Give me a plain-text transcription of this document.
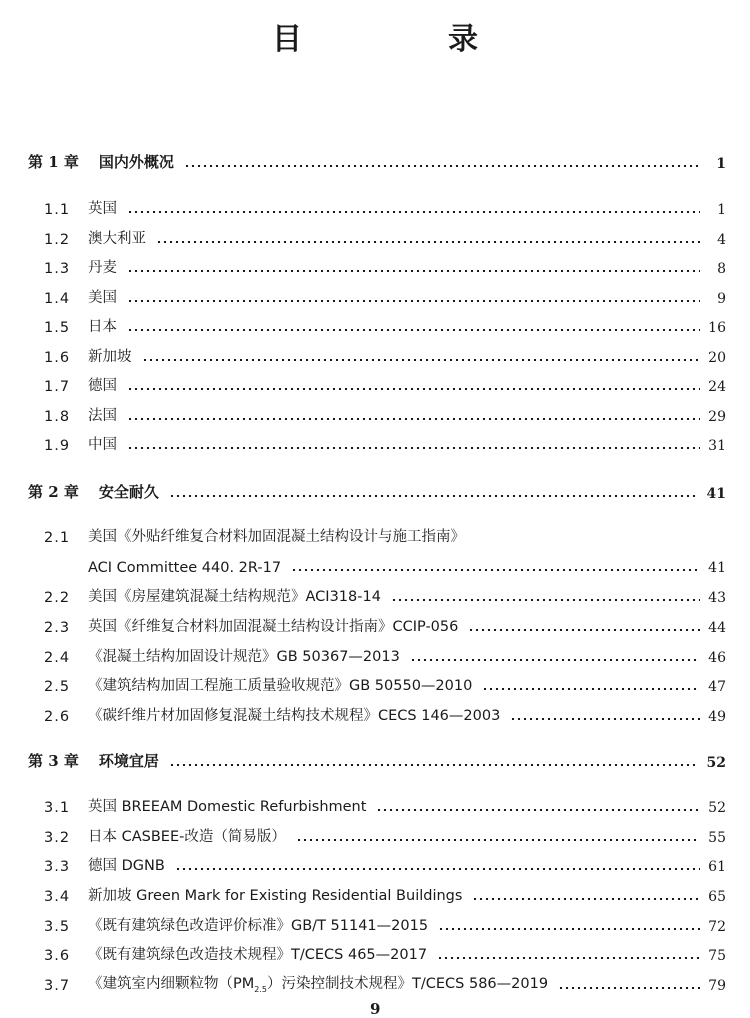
目　录
第 1 章 国内外概况	1
1.1	英国	1
1.2	澳大利亚	4
1.3	丹麦	8
1.4	美国	9
1.5	日本	16
1.6	新加坡	20
1.7	德国	24
1.8	法国	29
1.9	中国	31
第 2 章 安全耐久	41
2.1	美国《外贴纤维复合材料加固混凝土结构设计与施工指南》
ACI Committee 440. 2R-17	41
2.2	美国《房屋建筑混凝土结构规范》ACI318-14	43
2.3	英国《纤维复合材料加固混凝土结构设计指南》CCIP-056	44
2.4	《混凝土结构加固设计规范》GB 50367—2013	46
2.5	《建筑结构加固工程施工质量验收规范》GB 50550—2010	47
2.6	《碳纤维片材加固修复混凝土结构技术规程》CECS 146—2003	49
第 3 章 环境宜居	52
3.1	英国 BREEAM Domestic Refurbishment	52
3.2	日本 CASBEE-改造（简易版）	55
3.3	德国 DGNB	61
3.4	新加坡 Green Mark for Existing Residential Buildings	65
3.5	《既有建筑绿色改造评价标准》GB/T 51141—2015	72
3.6	《既有建筑绿色改造技术规程》T/CECS 465—2017	75
3.7	《建筑室内细颗粒物$(PM_{2.5})$污染控制技术规程》T/CECS 586—2019	79
9
